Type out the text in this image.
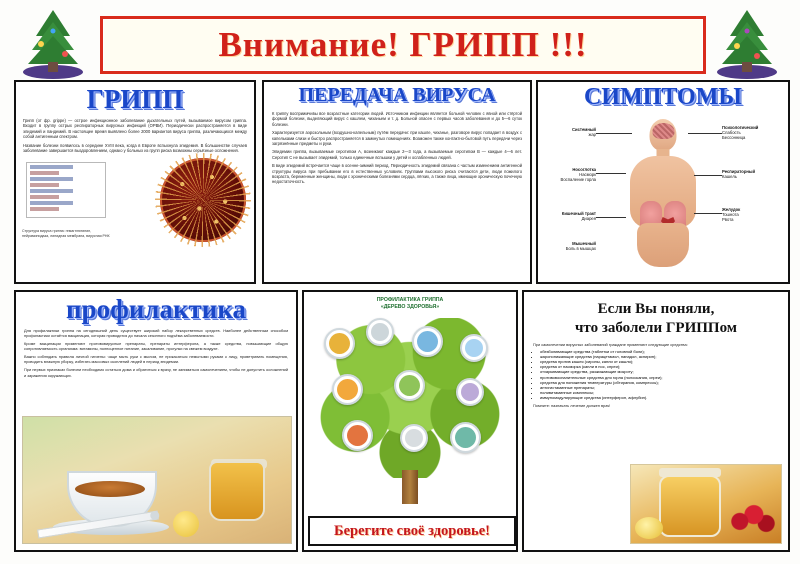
Внимание! ГРИПП !!!
ГРИПП
Грипп (от фр. grippe) — острое инфекционное заболевание дыхательных путей, вызываемое вирусом гриппа. Входит в группу острых респираторных вирусных инфекций (ОРВИ). Периодически распространяется в виде эпидемий и пандемий. В настоящее время выявлено более 2000 вариантов вируса гриппа, различающихся между собой антигенным спектром.
Название болезни появилось в середине XVIII века, когда в Европе вспыхнула эпидемия. В большинстве случаев заболевание завершается выздоровлением, однако у больных из групп риска возможны серьёзные осложнения.
Структура вируса гриппа: гемагглютинин, нейраминидаза, липидная мембрана, вирусная РНК
ПЕРЕДАЧА ВИРУСА
К гриппу восприимчивы все возрастные категории людей. Источником инфекции является больной человек с явной или стёртой формой болезни, выделяющий вирус с кашлем, чиханьем и т. д. Больной опасен с первых часов заболевания и до 5—6 суток болезни.
Характеризуется аэрозольным (воздушно-капельным) путём передачи: при кашле, чиханье, разговоре вирус попадает в воздух с капельками слизи и быстро распространяется в замкнутых помещениях. Возможен также контактно-бытовой путь передачи через загрязнённые предметы и руки.
Эпидемии гриппа, вызываемые серотипом А, возникают каждые 2—3 года, а вызываемые серотипом В — каждые 4—6 лет. Серотип С не вызывает эпидемий, только единичные вспышки у детей и ослабленных людей.
В виде эпидемий встречается чаще в осенне-зимний период. Периодичность эпидемий связана с частым изменением антигенной структуры вируса при пребывании его в естественных условиях. Группами высокого риска считаются дети, люди пожилого возраста, беременные женщины, люди с хроническими болезнями сердца, лёгких, а также лица, имеющие хроническую почечную недостаточность.
СИМПТОМЫ
Системный
жар
Носоглотка
Насморк
Воспаление горла
Кишечный тракт
Диарея
Мышечный
Боль в мышцах
Психологический
Слабость
Бессонница
Респираторный
Кашель
Желудок
Тошнота
Рвота
профилактика
Для профилактики гриппа на сегодняшний день существует широкий набор лекарственных средств. Наиболее действенным способом профилактики остаётся вакцинация, которая проводится до начала сезонного подъёма заболеваемости.
Кроме вакцинации применяют противовирусные препараты, препараты интерферона, а также средства, повышающие общую сопротивляемость организма: витамины, полноценное питание, закаливание, прогулки на свежем воздухе.
Важно соблюдать правила личной гигиены: чаще мыть руки с мылом, не прикасаться немытыми руками к лицу, проветривать помещения, проводить влажную уборку, избегать массовых скоплений людей в период эпидемии.
При первых признаках болезни необходимо остаться дома и обратиться к врачу, не заниматься самолечением, чтобы не допустить осложнений и заражения окружающих.
ПРОФИЛАКТИКА ГРИППА
«ДЕРЕВО ЗДОРОВЬЯ»
Берегите своё здоровье!
Если Вы поняли,
что заболели ГРИППом
При самолечении вирусных заболеваний граждане применяют следующие средства:
• обезболивающие средства (таблетки от головной боли);
• жаропонижающие средства (парацетамол, панадол, аспирин);
• средства против кашля (сиропы, капли от кашля);
• средства от насморка (капли в нос, спреи);
• отхаркивающие средства, разжижающие мокроту;
• противовоспалительные средства для горла (полоскания, спреи);
• средства для понижения температуры (обтирания, компрессы);
• антигистаминные препараты;
• поливитаминные комплексы;
• иммуномодулирующие средства (интерферон, афлубин).
Помните: назначать лечение должен врач!
